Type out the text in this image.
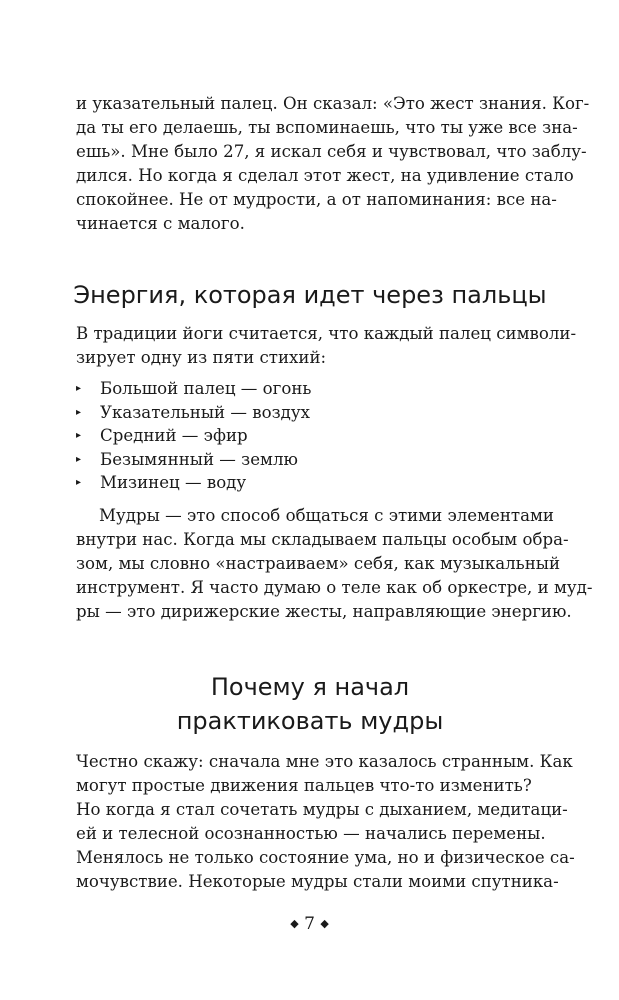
и указательный палец. Он сказал: «Это жест знания. Ког-
да ты его делаешь, ты вспоминаешь, что ты уже все зна-
ешь». Мне было 27, я искал себя и чувствовал, что заблу-
дился. Но когда я сделал этот жест, на удивление стало
спокойнее. Не от мудрости, а от напоминания: все на-
чинается с малого.
Энергия, которая идет через пальцы
В традиции йоги считается, что каждый палец символи-
зирует одну из пяти стихий:
▸ Большой палец — огонь
▸ Указательный — воздух
▸ Средний — эфир
▸ Безымянный — землю
▸ Мизинец — воду
Мудры — это способ общаться с этими элементами
внутри нас. Когда мы складываем пальцы особым обра-
зом, мы словно «настраиваем» себя, как музыкальный
инструмент. Я часто думаю о теле как об оркестре, и муд-
ры — это дирижерские жесты, направляющие энергию.
Почему я начал
практиковать мудры
Честно скажу: сначала мне это казалось странным. Как
могут простые движения пальцев что-то изменить?
Но когда я стал сочетать мудры с дыханием, медитаци-
ей и телесной осознанностью — начались перемены.
Менялось не только состояние ума, но и физическое са-
мочувствие. Некоторые мудры стали моими спутника-
◆ 7 ◆
